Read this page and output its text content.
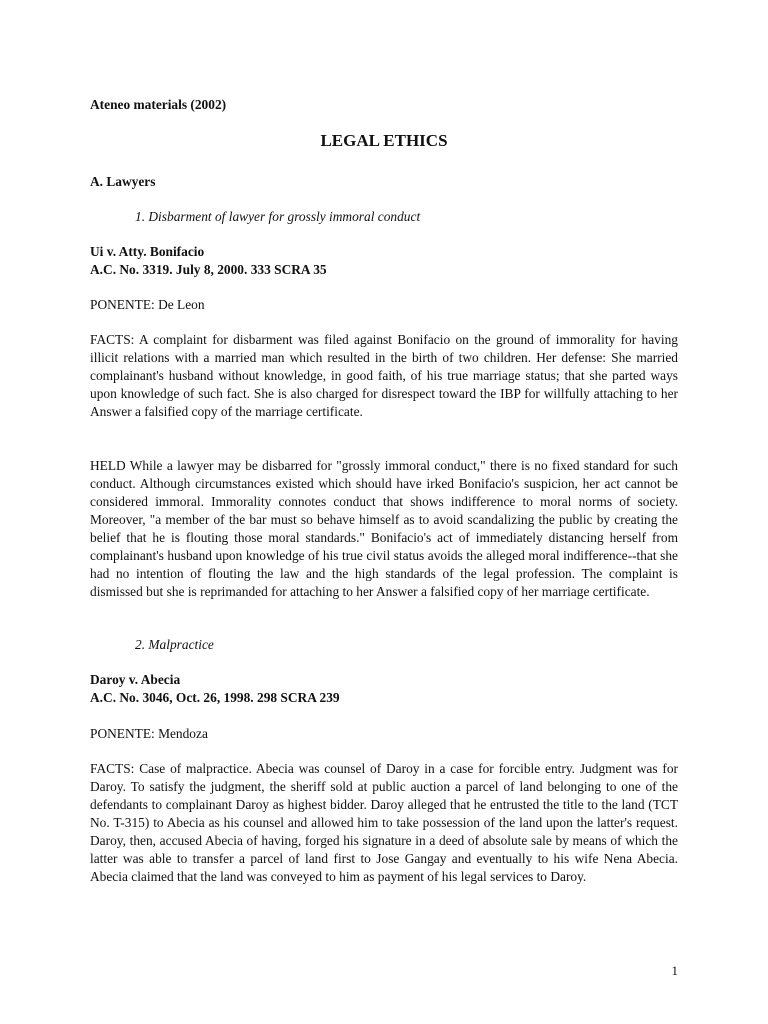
Ateneo materials (2002)

LEGAL ETHICS

A. Lawyers

1. Disbarment of lawyer for grossly immoral conduct

Ui v. Atty. Bonifacio

A.C. No. 3319. July 8, 2000. 333 SCRA 35

PONENTE: De Leon

FACTS: A complaint for disbarment was filed against Bonifacio on the ground of immorality for having illicit relations with a married man which resulted in the birth of two children. Her defense: She married complainant's husband without knowledge, in good faith, of his true marriage status; that she parted ways upon knowledge of such fact. She is also charged for disrespect toward the IBP for willfully attaching to her Answer a falsified copy of the marriage certificate.

HELD While a lawyer may be disbarred for "grossly immoral conduct," there is no fixed standard for such conduct. Although circumstances existed which should have irked Bonifacio's suspicion, her act cannot be considered immoral. Immorality connotes conduct that shows indifference to moral norms of society. Moreover, "a member of the bar must so behave himself as to avoid scandalizing the public by creating the belief that he is flouting those moral standards." Bonifacio's act of immediately distancing herself from complainant's husband upon knowledge of his true civil status avoids the alleged moral indifference--that she had no intention of flouting the law and the high standards of the legal profession. The complaint is dismissed but she is reprimanded for attaching to her Answer a falsified copy of her marriage certificate.

2. Malpractice

Daroy v. Abecia

A.C. No. 3046, Oct. 26, 1998. 298 SCRA 239

PONENTE: Mendoza

FACTS: Case of malpractice. Abecia was counsel of Daroy in a case for forcible entry. Judgment was for Daroy. To satisfy the judgment, the sheriff sold at public auction a parcel of land belonging to one of the defendants to complainant Daroy as highest bidder. Daroy alleged that he entrusted the title to the land (TCT No. T-315) to Abecia as his counsel and allowed him to take possession of the land upon the latter's request. Daroy, then, accused Abecia of having, forged his signature in a deed of absolute sale by means of which the latter was able to transfer a parcel of land first to Jose Gangay and eventually to his wife Nena Abecia. Abecia claimed that the land was conveyed to him as payment of his legal services to Daroy.

1
